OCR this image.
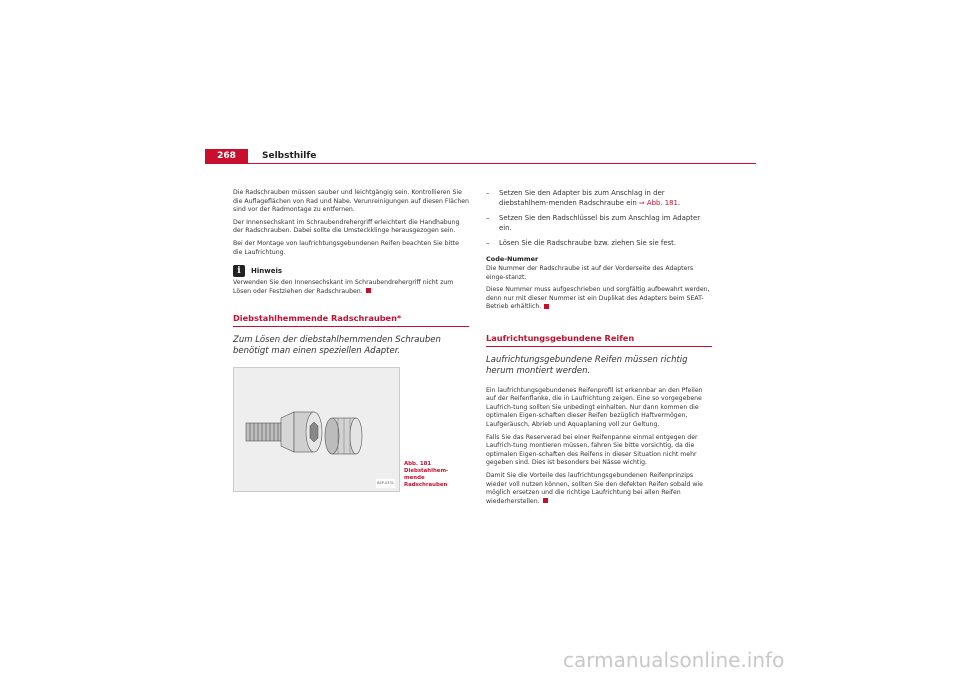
268	Selbsthilfe

Die Radschrauben müssen sauber und leichtgängig sein. Kontrollieren Sie die Auflageflächen von Rad und Nabe. Verunreinigungen auf diesen Flächen sind vor der Radmontage zu entfernen.

Der Innensechskant im Schraubendrehergriff erleichtert die Handhabung der Radschrauben. Dabei sollte die Umsteckklinge herausgezogen sein.

Bei der Montage von laufrichtungsgebundenen Reifen beachten Sie bitte die Laufrichtung.

i Hinweis

Verwenden Sie den Innensechskant im Schraubendrehergriff nicht zum Lösen oder Festziehen der Radschrauben.

Diebstahlhemmende Radschrauben*
Zum Lösen der diebstahlhemmenden Schrauben benötigt man einen speziellen Adapter.
B5P-0331
Abb. 181 Diebstahlhem-mende Radschrauben
– Setzen Sie den Adapter bis zum Anschlag in der diebstahlhem-menden Radschraube ein ⇒ Abb. 181.
– Setzen Sie den Radschlüssel bis zum Anschlag im Adapter ein.
– Lösen Sie die Radschraube bzw. ziehen Sie sie fest.
Code-Nummer

Die Nummer der Radschraube ist auf der Vorderseite des Adapters einge-stanzt.

Diese Nummer muss aufgeschrieben und sorgfältig aufbewahrt werden, denn nur mit dieser Nummer ist ein Duplikat des Adapters beim SEAT-Betrieb erhältlich.

Laufrichtungsgebundene Reifen
Laufrichtungsgebundene Reifen müssen richtig herum montiert werden.

Ein laufrichtungsgebundenes Reifenprofil ist erkennbar an den Pfeilen auf der Reifenflanke, die in Laufrichtung zeigen. Eine so vorgegebene Laufrich-tung sollten Sie unbedingt einhalten. Nur dann kommen die optimalen Eigen-schaften dieser Reifen bezüglich Haftvermögen, Laufgeräusch, Abrieb und Aquaplaning voll zur Geltung.

Falls Sie das Reserverad bei einer Reifenpanne einmal entgegen der Laufrich-tung montieren müssen, fahren Sie bitte vorsichtig, da die optimalen Eigen-schaften des Reifens in dieser Situation nicht mehr gegeben sind. Dies ist besonders bei Nässe wichtig.

Damit Sie die Vorteile des laufrichtungsgebundenen Reifenprinzips wieder voll nutzen können, sollten Sie den defekten Reifen sobald wie möglich ersetzen und die richtige Laufrichtung bei allen Reifen wiederherstellen.

carmanualsonline.info
